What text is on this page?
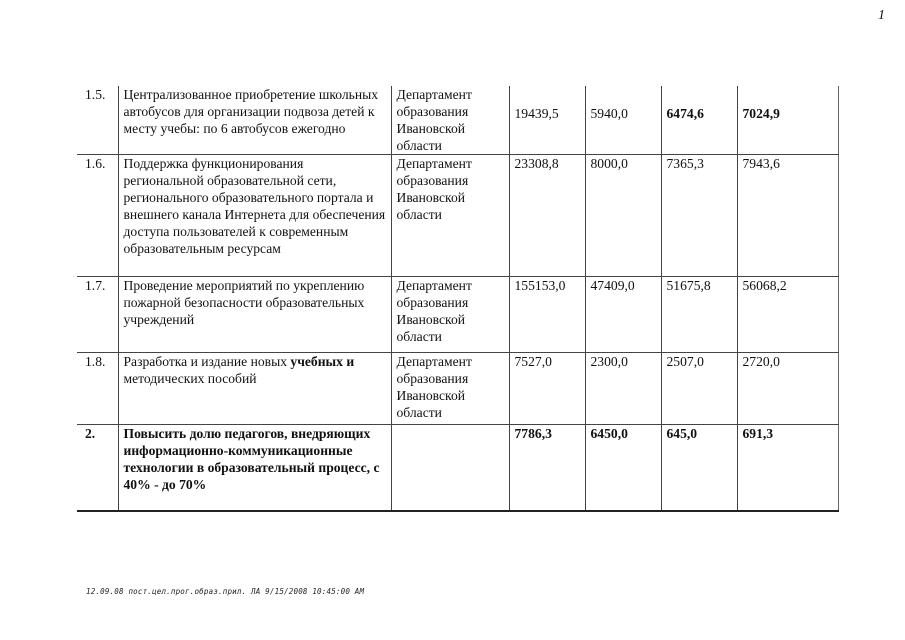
1
1.5.	Централизованное приобретение школьных автобусов для организации подвоза детей к месту учебы: по 6 автобусов ежегодно	Департамент образования Ивановской области	19439,5	5940,0	6474,6	7024,9
1.6.	Поддержка функционирования региональной образовательной сети, регионального образовательного портала и внешнего канала Интернета для обеспечения доступа пользователей к современным образовательным ресурсам	Департамент образования Ивановской области	23308,8	8000,0	7365,3	7943,6
1.7.	Проведение мероприятий по укреплению пожарной безопасности образовательных учреждений	Департамент образования Ивановской области	155153,0	47409,0	51675,8	56068,2
1.8.	Разработка и издание новых учебных и методических пособий	Департамент образования Ивановской области	7527,0	2300,0	2507,0	2720,0
2.	Повысить долю педагогов, внедряющих информационно-коммуникационные технологии в образовательный процесс, с 40% - до 70%		7786,3	6450,0	645,0	691,3
12.09.08 пост.цел.прог.образ.прил. ЛА 9/15/2008 10:45:00 AM
